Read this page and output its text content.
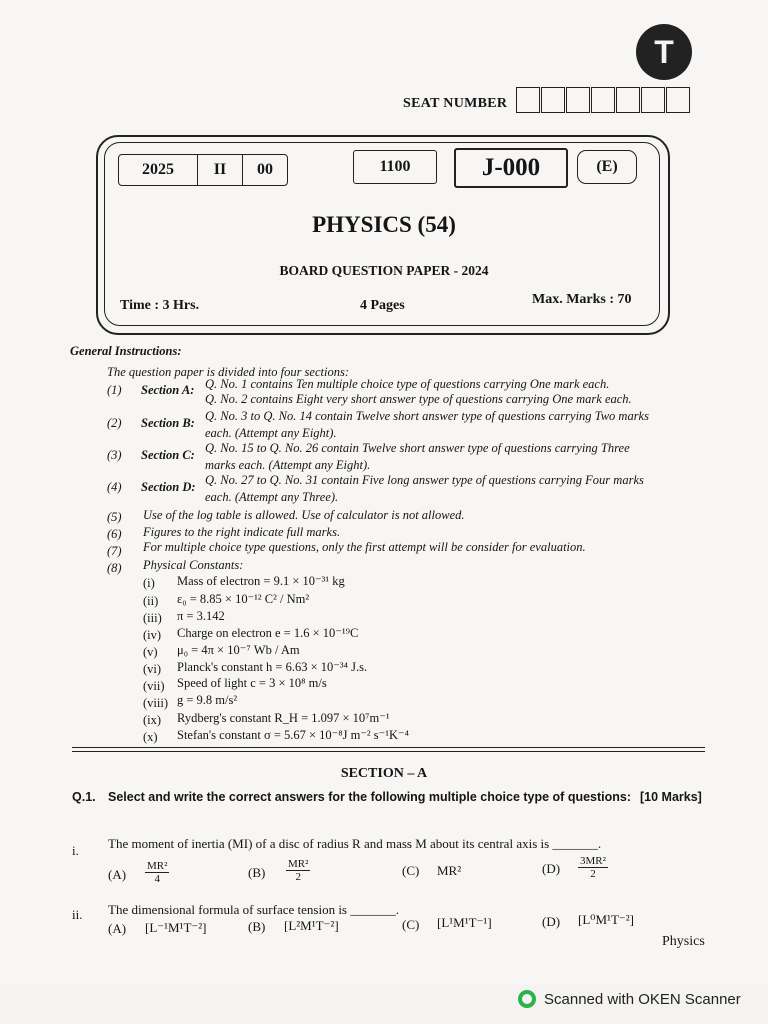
T
SEAT NUMBER
2025	II	00	1100	J-000	(E)
PHYSICS (54)
BOARD QUESTION PAPER - 2024
Time : 3 Hrs.	4 Pages	Max. Marks : 70
General Instructions:
The question paper is divided into four sections:
(1) Section A: Q. No. 1 contains Ten multiple choice type of questions carrying One mark each.
Q. No. 2 contains Eight very short answer type of questions carrying One mark each.
(2) Section B: Q. No. 3 to Q. No. 14 contain Twelve short answer type of questions carrying Two marks
each. (Attempt any Eight).
(3) Section C: Q. No. 15 to Q. No. 26 contain Twelve short answer type of questions carrying Three
marks each. (Attempt any Eight).
(4) Section D: Q. No. 27 to Q. No. 31 contain Five long answer type of questions carrying Four marks
each. (Attempt any Three).
(5) Use of the log table is allowed. Use of calculator is not allowed.
(6) Figures to the right indicate full marks.
(7) For multiple choice type questions, only the first attempt will be consider for evaluation.
(8) Physical Constants:
(i) Mass of electron = 9.1 × 10⁻³¹ kg
(ii) ε₀ = 8.85 × 10⁻¹² C² / Nm²
(iii) π = 3.142
(iv) Charge on electron e = 1.6 × 10⁻¹⁹C
(v) μ₀ = 4π × 10⁻⁷ Wb / Am
(vi) Planck's constant h = 6.63 × 10⁻³⁴ J.s.
(vii) Speed of light c = 3 × 10⁸ m/s
(viii) g = 9.8 m/s²
(ix) Rydberg's constant R_H = 1.097 × 10⁷m⁻¹
(x) Stefan's constant σ = 5.67 × 10⁻⁸J m⁻² s⁻¹K⁻⁴
SECTION – A
Q.1. Select and write the correct answers for the following multiple choice type of questions: [10 Marks]
i. The moment of inertia (MI) of a disc of radius R and mass M about its central axis is _______.
$(A) \frac{\text{MR²}}{4}$	$(B) \frac{\text{MR²}}{2}$	(C) MR²	$(D) \frac{\text{3MR²}}{2}$
ii. The dimensional formula of surface tension is _______.
(A) [L⁻¹M¹T⁻²]	(B) [L²M¹T⁻²]	(C) [L¹M¹T⁻¹]	(D) [L⁰M¹T⁻²]
Physics
Scanned with OKEN Scanner
